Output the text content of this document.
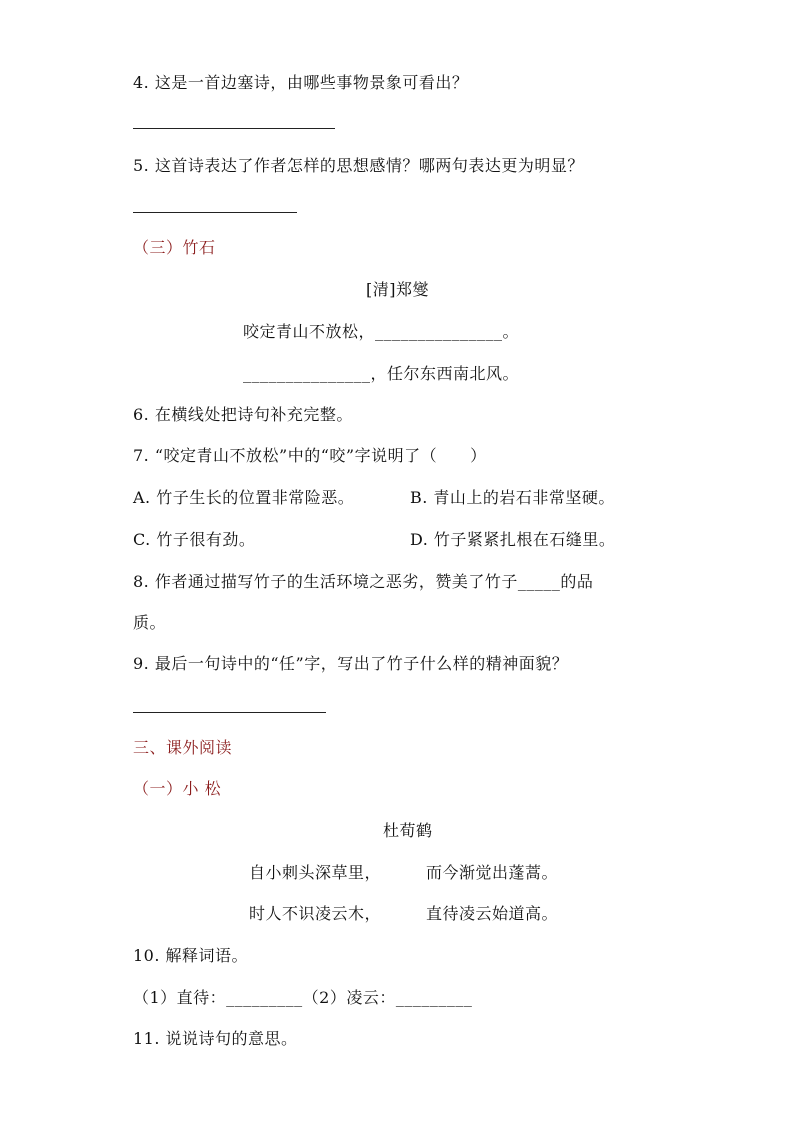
4. 这是一首边塞诗，由哪些事物景象可看出？
5. 这首诗表达了作者怎样的思想感情？哪两句表达更为明显？
（三）竹石
[清]郑燮
咬定青山不放松，_______________。
_______________，任尔东西南北风。
6. 在横线处把诗句补充完整。
7. “咬定青山不放松”中的“咬”字说明了（　　）
A. 竹子生长的位置非常险恶。	B. 青山上的岩石非常坚硬。
C. 竹子很有劲。	D. 竹子紧紧扎根在石缝里。
8. 作者通过描写竹子的生活环境之恶劣，赞美了竹子_____的品
质。
9. 最后一句诗中的“任”字，写出了竹子什么样的精神面貌？
三、课外阅读
（一）小 松
杜荀鹤
自小刺头深草里，	而今渐觉出蓬蒿。
时人不识凌云木，	直待凌云始道高。
10. 解释词语。
（1）直待：_________（2）凌云：_________
11. 说说诗句的意思。
